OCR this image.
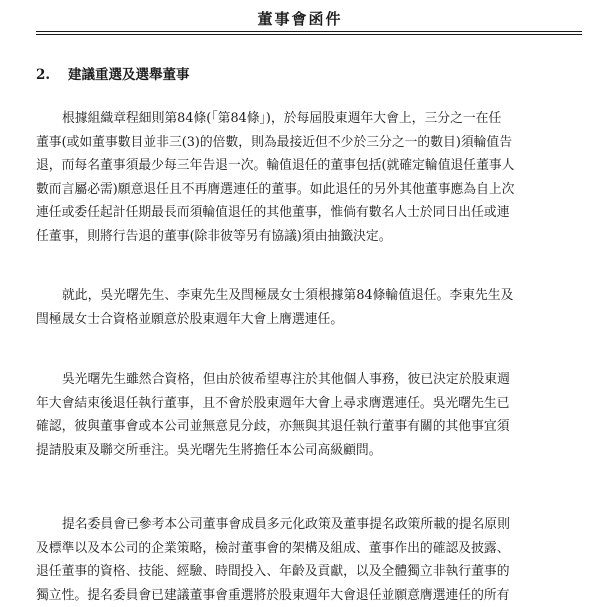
董事會函件
2. 建議重選及選舉董事
根據組織章程細則第84條(「第84條」)，於每屆股東週年大會上，三分之一在任
董事(或如董事數目並非三(3)的倍數，則為最接近但不少於三分之一的數目)須輪值告
退，而每名董事須最少每三年告退一次。輪值退任的董事包括(就確定輪值退任董事人
數而言屬必需)願意退任且不再膺選連任的董事。如此退任的另外其他董事應為自上次
連任或委任起計任期最長而須輪值退任的其他董事，惟倘有數名人士於同日出任或連
任董事，則將行告退的董事(除非彼等另有協議)須由抽籤決定。
就此，吳光曙先生、李東先生及閆極晟女士須根據第84條輪值退任。李東先生及
閆極晟女士合資格並願意於股東週年大會上膺選連任。
吳光曙先生雖然合資格，但由於彼希望專注於其他個人事務，彼已決定於股東週
年大會結束後退任執行董事，且不會於股東週年大會上尋求膺選連任。吳光曙先生已
確認，彼與董事會或本公司並無意見分歧，亦無與其退任執行董事有關的其他事宜須
提請股東及聯交所垂注。吳光曙先生將擔任本公司高級顧問。
提名委員會已參考本公司董事會成員多元化政策及董事提名政策所載的提名原則
及標準以及本公司的企業策略，檢討董事會的架構及組成、董事作出的確認及披露、
退任董事的資格、技能、經驗、時間投入、年齡及貢獻，以及全體獨立非執行董事的
獨立性。提名委員會已建議董事會重選將於股東週年大會退任並願意膺選連任的所有
